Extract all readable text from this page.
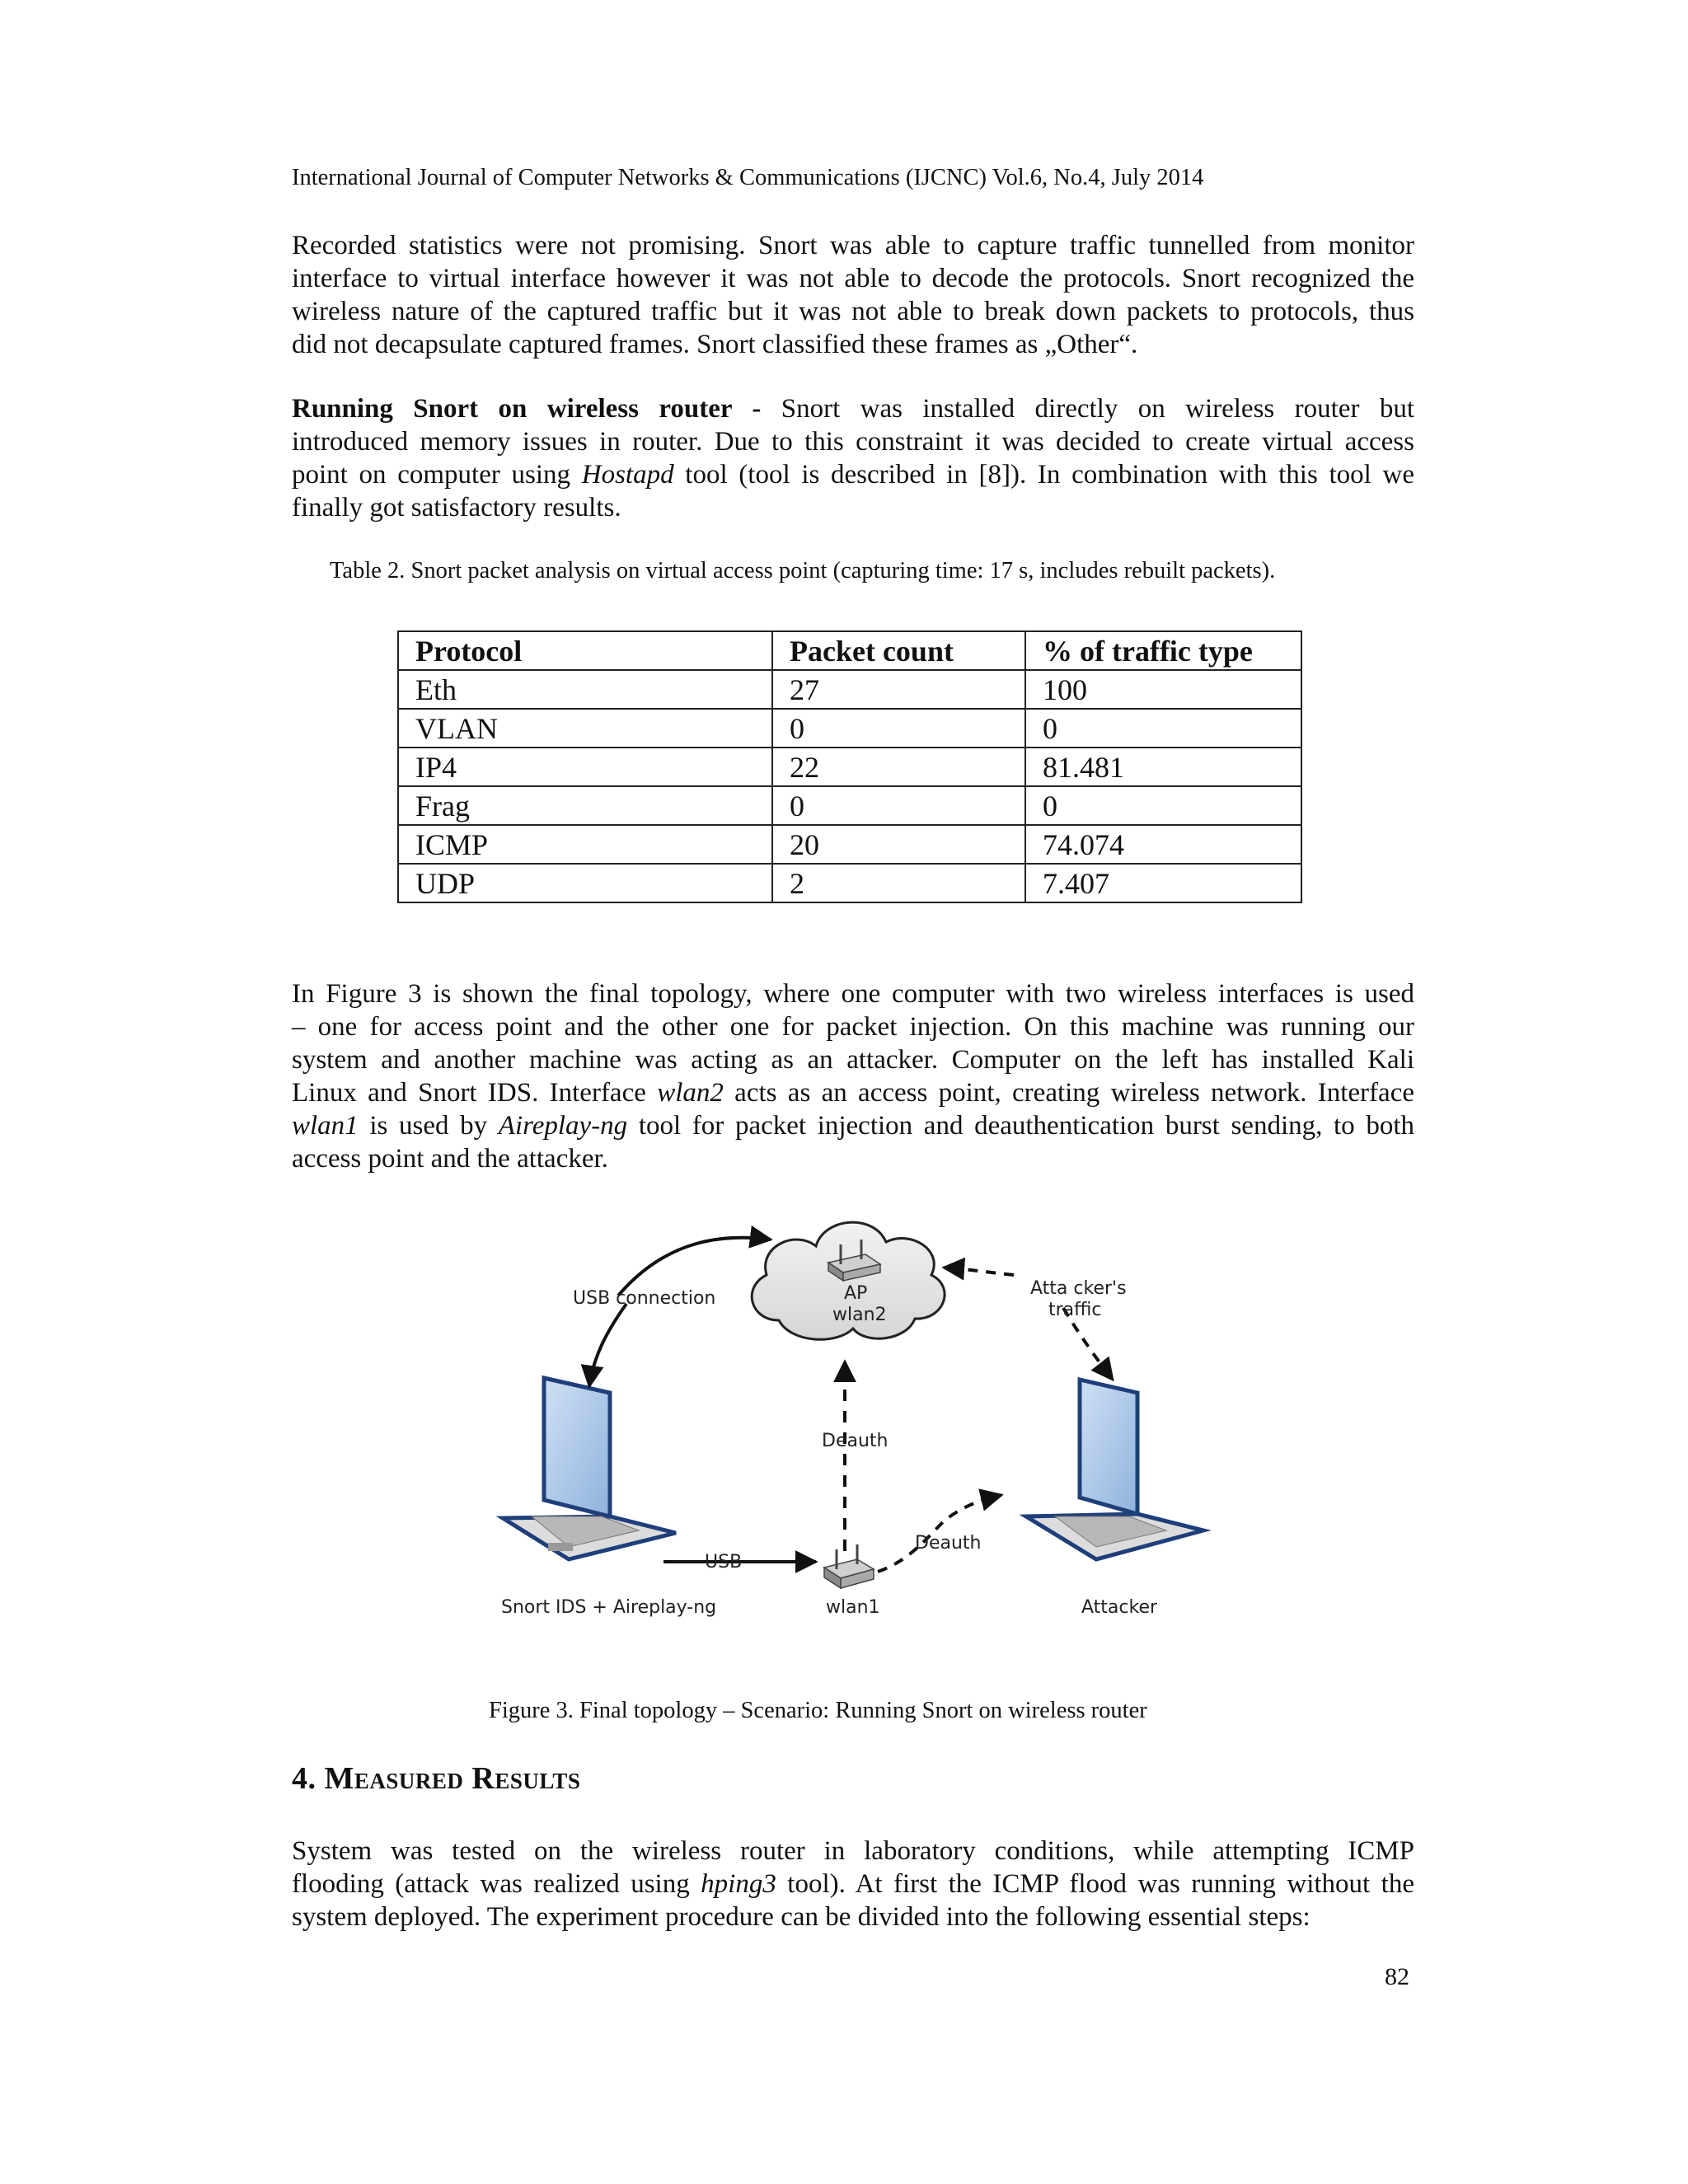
International Journal of Computer Networks & Communications (IJCNC) Vol.6, No.4, July 2014
Recorded statistics were not promising. Snort was able to capture traffic tunnelled from monitor
interface to virtual interface however it was not able to decode the protocols. Snort recognized the
wireless nature of the captured traffic but it was not able to break down packets to protocols, thus
did not decapsulate captured frames. Snort classified these frames as „Other“.
Running Snort on wireless router - Snort was installed directly on wireless router but
introduced memory issues in router. Due to this constraint it was decided to create virtual access
point on computer using Hostapd tool (tool is described in [8]). In combination with this tool we
finally got satisfactory results.
Table 2. Snort packet analysis on virtual access point (capturing time: 17 s, includes rebuilt packets).
Protocol	Packet count	% of traffic type
Eth	27	100
VLAN	0	0
IP4	22	81.481
Frag	0	0
ICMP	20	74.074
UDP	2	7.407
In Figure 3 is shown the final topology, where one computer with two wireless interfaces is used
– one for access point and the other one for packet injection. On this machine was running our
system and another machine was acting as an attacker. Computer on the left has installed Kali
Linux and Snort IDS. Interface wlan2 acts as an access point, creating wireless network. Interface
wlan1 is used by Aireplay-ng tool for packet injection and deauthentication burst sending, to both
access point and the attacker.
AP
wlan2
USB connection	Atta cker's
traffic
Deauth
Deauth
USB
Snort IDS + Aireplay-ng	wlan1	Attacker
Figure 3. Final topology – Scenario: Running Snort on wireless router
4. Measured Results
System was tested on the wireless router in laboratory conditions, while attempting ICMP
flooding (attack was realized using hping3 tool). At first the ICMP flood was running without the
system deployed. The experiment procedure can be divided into the following essential steps:
82
